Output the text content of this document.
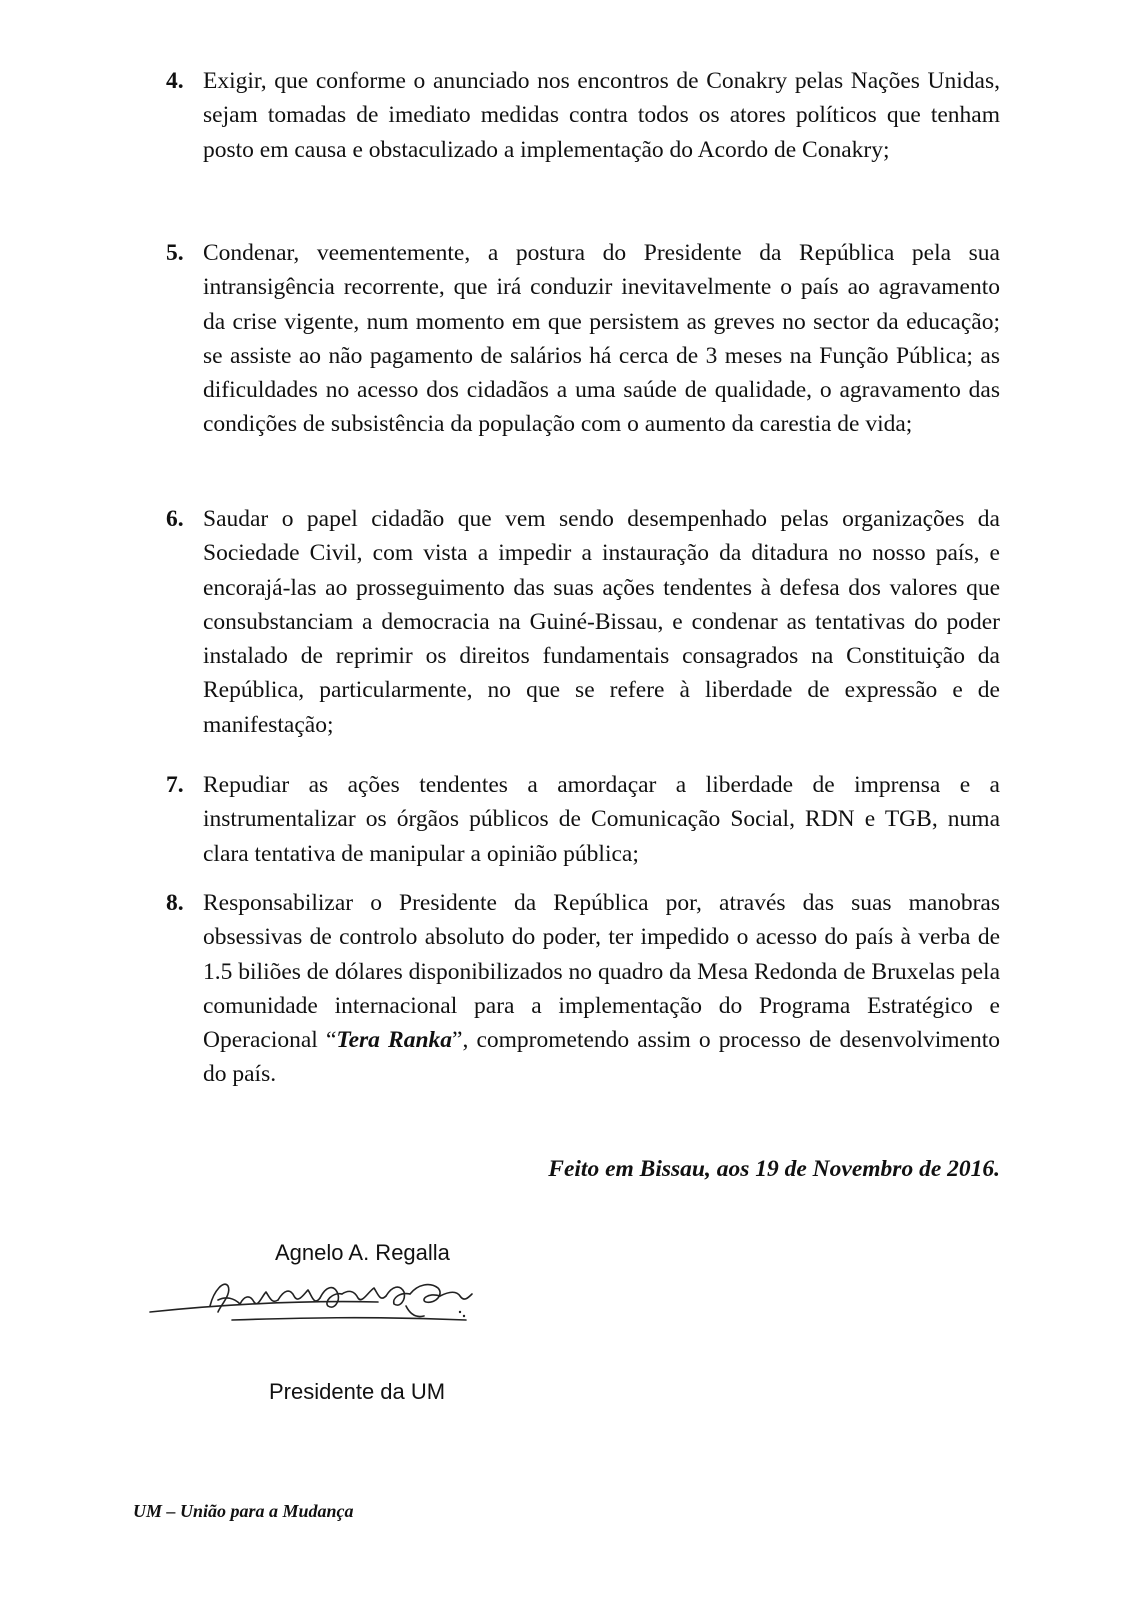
4. Exigir, que conforme o anunciado nos encontros de Conakry pelas Nações Unidas, sejam tomadas de imediato medidas contra todos os atores políticos que tenham posto em causa e obstaculizado a implementação do Acordo de Conakry;
5. Condenar, veementemente, a postura do Presidente da República pela sua intransigência recorrente, que irá conduzir inevitavelmente o país ao agravamento da crise vigente, num momento em que persistem as greves no sector da educação; se assiste ao não pagamento de salários há cerca de 3 meses na Função Pública; as dificuldades no acesso dos cidadãos a uma saúde de qualidade, o agravamento das condições de subsistência da população com o aumento da carestia de vida;
6. Saudar o papel cidadão que vem sendo desempenhado pelas organizações da Sociedade Civil, com vista a impedir a instauração da ditadura no nosso país, e encorajá-las ao prosseguimento das suas ações tendentes à defesa dos valores que consubstanciam a democracia na Guiné-Bissau, e condenar as tentativas do poder instalado de reprimir os direitos fundamentais consagrados na Constituição da República, particularmente, no que se refere à liberdade de expressão e de manifestação;
7. Repudiar as ações tendentes a amordaçar a liberdade de imprensa e a instrumentalizar os órgãos públicos de Comunicação Social, RDN e TGB, numa clara tentativa de manipular a opinião pública;
8. Responsabilizar o Presidente da República por, através das suas manobras obsessivas de controlo absoluto do poder, ter impedido o acesso do país à verba de 1.5 biliões de dólares disponibilizados no quadro da Mesa Redonda de Bruxelas pela comunidade internacional para a implementação do Programa Estratégico e Operacional “Tera Ranka”, comprometendo assim o processo de desenvolvimento do país.
Feito em Bissau, aos 19 de Novembro de 2016.
Agnelo A. Regalla
Presidente da UM
UM – União para a Mudança
